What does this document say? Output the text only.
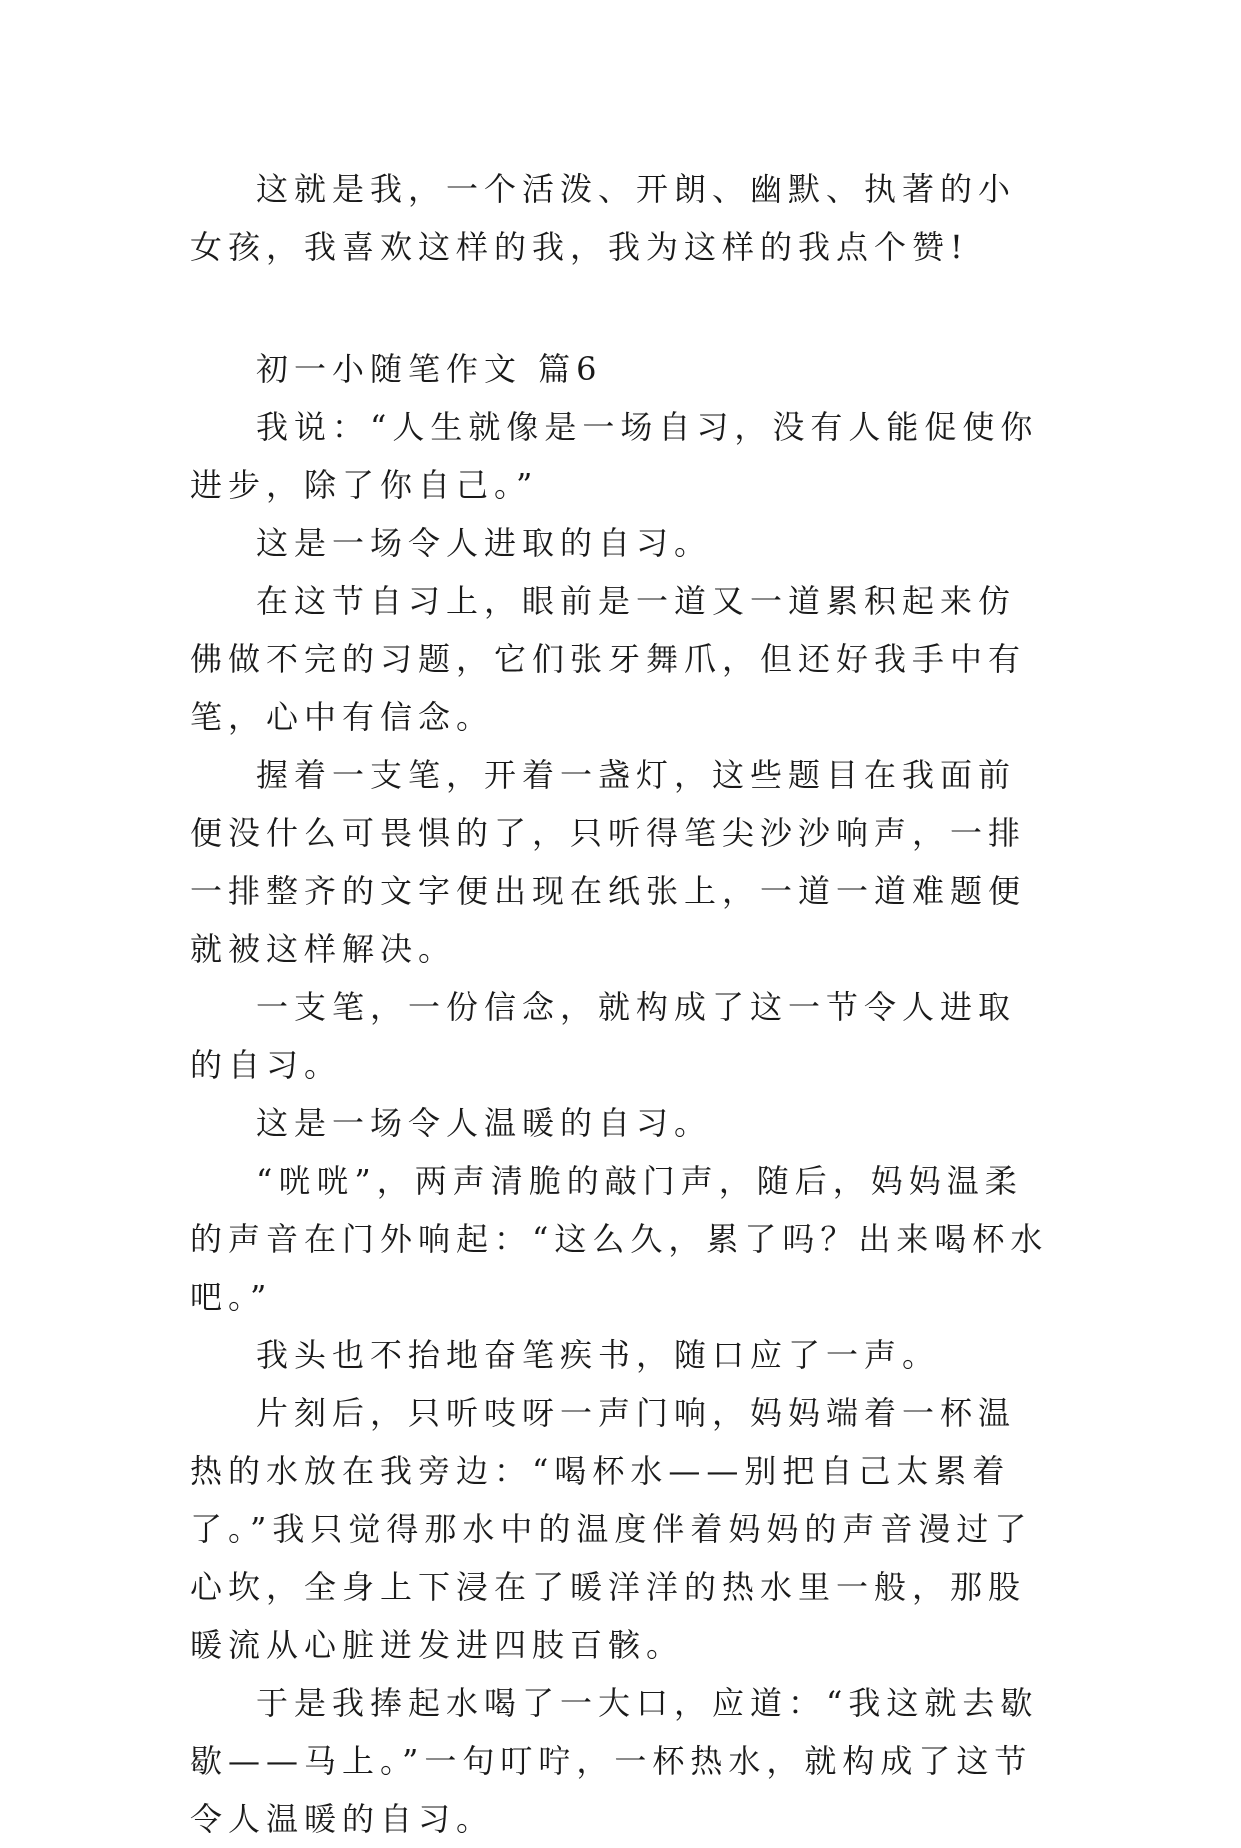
这就是我，一个活泼、开朗、幽默、执著的小女孩，我喜欢这样的我，我为这样的我点个赞!

初一小随笔作文 篇6

我说：“人生就像是一场自习，没有人能促使你进步，除了你自己。”

这是一场令人进取的自习。

在这节自习上，眼前是一道又一道累积起来仿佛做不完的习题，它们张牙舞爪，但还好我手中有笔，心中有信念。

握着一支笔，开着一盏灯，这些题目在我面前便没什么可畏惧的了，只听得笔尖沙沙响声，一排一排整齐的文字便出现在纸张上，一道一道难题便就被这样解决。

一支笔，一份信念，就构成了这一节令人进取的自习。

这是一场令人温暖的自习。

“咣咣”，两声清脆的敲门声，随后，妈妈温柔的声音在门外响起：“这么久，累了吗？出来喝杯水吧。”

我头也不抬地奋笔疾书，随口应了一声。

片刻后，只听吱呀一声门响，妈妈端着一杯温热的水放在我旁边：“喝杯水——别把自己太累着了。”我只觉得那水中的温度伴着妈妈的声音漫过了心坎，全身上下浸在了暖洋洋的热水里一般，那股暖流从心脏迸发进四肢百骸。

于是我捧起水喝了一大口，应道：“我这就去歇歇——马上。”一句叮咛，一杯热水，就构成了这节令人温暖的自习。
